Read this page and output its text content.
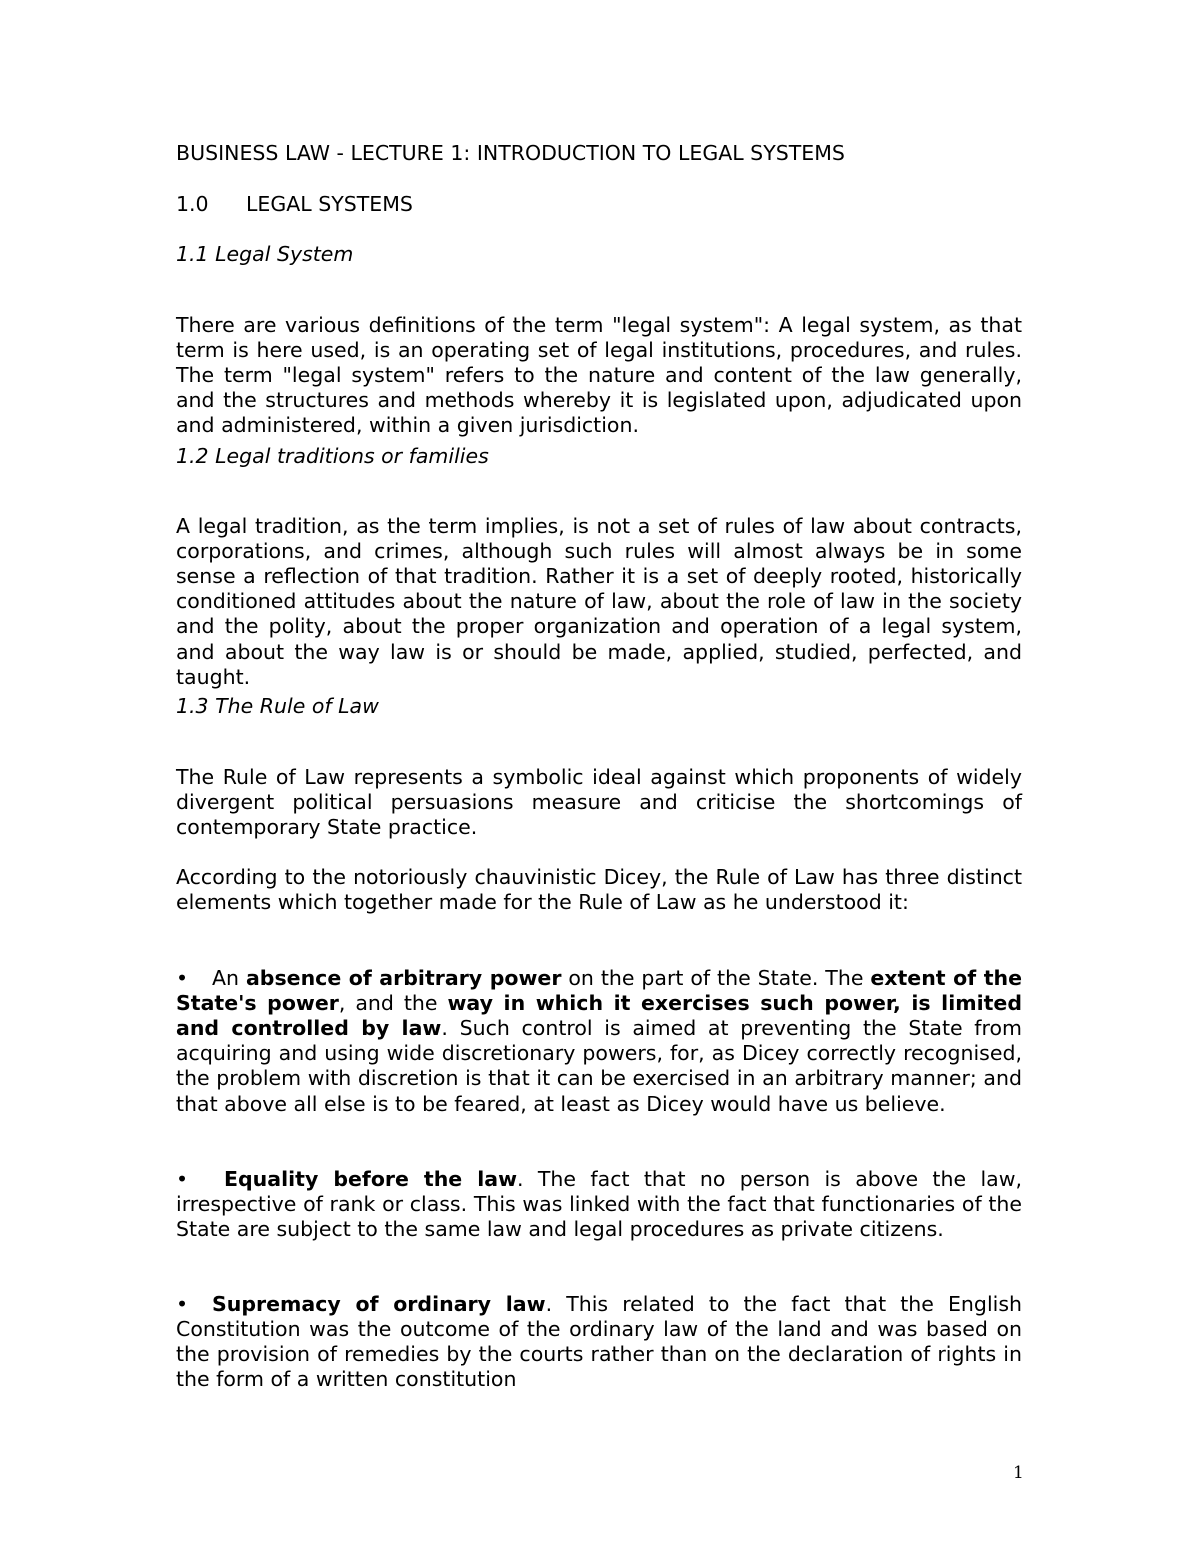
BUSINESS LAW - LECTURE 1: INTRODUCTION TO LEGAL SYSTEMS
1.0 LEGAL SYSTEMS
1.1 Legal System

There are various definitions of the term "legal system": A legal system, as that term is here used, is an operating set of legal institutions, procedures, and rules. The term "legal system" refers to the nature and content of the law generally, and the structures and methods whereby it is legislated upon, adjudicated upon and administered, within a given jurisdiction.

1.2 Legal traditions or families

A legal tradition, as the term implies, is not a set of rules of law about contracts, corporations, and crimes, although such rules will almost always be in some sense a reflection of that tradition. Rather it is a set of deeply rooted, historically conditioned attitudes about the nature of law, about the role of law in the society and the polity, about the proper organization and operation of a legal system, and about the way law is or should be made, applied, studied, perfected, and taught.

1.3 The Rule of Law

The Rule of Law represents a symbolic ideal against which proponents of widely divergent political persuasions measure and criticise the shortcomings of contemporary State practice.

According to the notoriously chauvinistic Dicey, the Rule of Law has three distinct elements which together made for the Rule of Law as he understood it:

• An absence of arbitrary power on the part of the State. The extent of the State's power, and the way in which it exercises such power, is limited and controlled by law. Such control is aimed at preventing the State from acquiring and using wide discretionary powers, for, as Dicey correctly recognised, the problem with discretion is that it can be exercised in an arbitrary manner; and that above all else is to be feared, at least as Dicey would have us believe.

• Equality before the law. The fact that no person is above the law, irrespective of rank or class. This was linked with the fact that functionaries of the State are subject to the same law and legal procedures as private citizens.

• Supremacy of ordinary law. This related to the fact that the English Constitution was the outcome of the ordinary law of the land and was based on the provision of remedies by the courts rather than on the declaration of rights in the form of a written constitution

1
